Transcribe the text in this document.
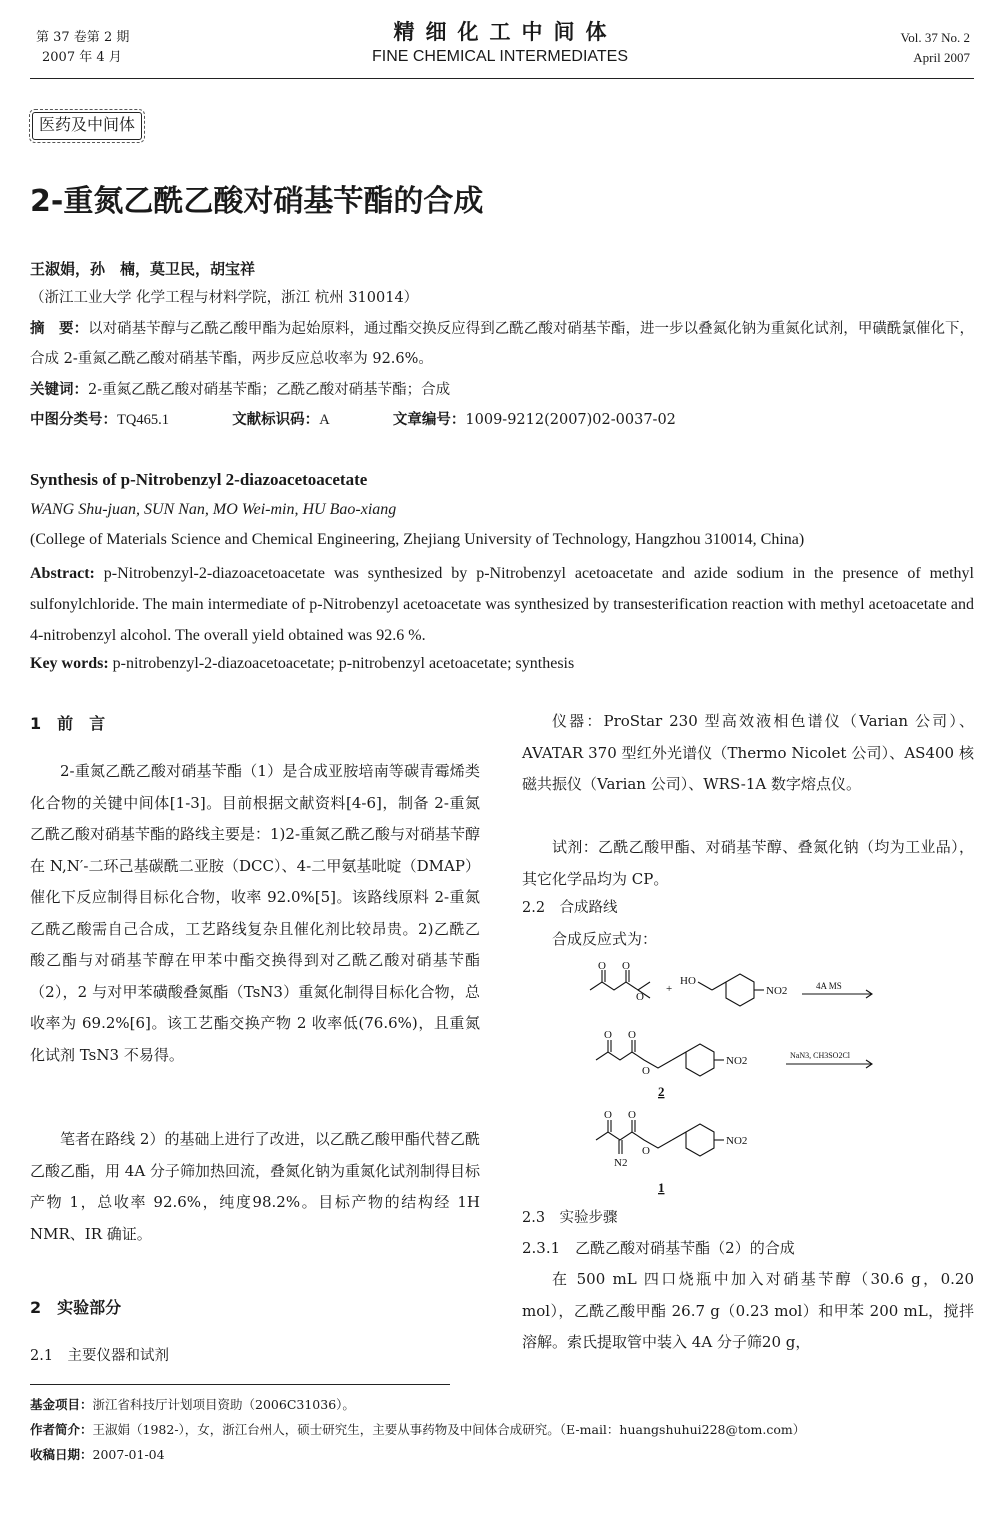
第 37 卷第 2 期
2007 年 4 月
精细化工中间体
FINE CHEMICAL INTERMEDIATES
Vol. 37 No. 2
April 2007
医药及中间体
2-重氮乙酰乙酸对硝基苄酯的合成
王淑娟，孙　楠，莫卫民，胡宝祥
（浙江工业大学 化学工程与材料学院，浙江 杭州 310014）
摘　要：以对硝基苄醇与乙酰乙酸甲酯为起始原料，通过酯交换反应得到乙酰乙酸对硝基苄酯，进一步以叠氮化钠为重氮化试剂，甲磺酰氯催化下，合成 2-重氮乙酰乙酸对硝基苄酯，两步反应总收率为 92.6%。
关键词：2-重氮乙酰乙酸对硝基苄酯；乙酰乙酸对硝基苄酯；合成
中图分类号：TQ465.1	文献标识码：A	文章编号：1009-9212(2007)02-0037-02
Synthesis of p-Nitrobenzyl 2-diazoacetoacetate
WANG Shu-juan, SUN Nan, MO Wei-min, HU Bao-xiang
(College of Materials Science and Chemical Engineering, Zhejiang University of Technology, Hangzhou 310014, China)
Abstract: p-Nitrobenzyl-2-diazoacetoacetate was synthesized by p-Nitrobenzyl acetoacetate and azide sodium in the presence of methyl sulfonylchloride. The main intermediate of p-Nitrobenzyl acetoacetate was synthesized by transesterification reaction with methyl acetoacetate and 4-nitrobenzyl alcohol. The overall yield obtained was 92.6 %.
Key words: p-nitrobenzyl-2-diazoacetoacetate; p-nitrobenzyl acetoacetate; synthesis
1　前　言
2-重氮乙酰乙酸对硝基苄酯（1）是合成亚胺培南等碳青霉烯类化合物的关键中间体[1-3]。目前根据文献资料[4-6]，制备 2-重氮乙酰乙酸对硝基苄酯的路线主要是：1)2-重氮乙酰乙酸与对硝基苄醇在 N,N′-二环己基碳酰二亚胺（DCC）、4-二甲氨基吡啶（DMAP）催化下反应制得目标化合物，收率 92.0%[5]。该路线原料 2-重氮乙酰乙酸需自己合成，工艺路线复杂且催化剂比较昂贵。2)乙酰乙酸乙酯与对硝基苄醇在甲苯中酯交换得到对乙酰乙酸对硝基苄酯（2），2 与对甲苯磺酸叠氮酯（TsN3）重氮化制得目标化合物，总收率为 69.2%[6]。该工艺酯交换产物 2 收率低(76.6%)，且重氮化试剂 TsN3 不易得。
笔者在路线 2）的基础上进行了改进，以乙酰乙酸甲酯代替乙酰乙酸乙酯，用 4A 分子筛加热回流，叠氮化钠为重氮化试剂制得目标产物 1，总收率 92.6%，纯度98.2%。目标产物的结构经 1H NMR、IR 确证。
2　实验部分
2.1　主要仪器和试剂
仪器：ProStar 230 型高效液相色谱仪（Varian 公司）、AVATAR 370 型红外光谱仪（Thermo Nicolet 公司）、AS400 核磁共振仪（Varian 公司）、WRS-1A 数字熔点仪。
试剂：乙酰乙酸甲酯、对硝基苄醇、叠氮化钠（均为工业品），其它化学品均为 CP。
2.2　合成路线
合成反应式为：
O O
O
+
HO
NO2	4A MS
O O
O
NO2
2
NaN3, CH3SO2Cl
O O
O
N2
NO2
1
2.3　实验步骤
2.3.1　乙酰乙酸对硝基苄酯（2）的合成
在 500 mL 四口烧瓶中加入对硝基苄醇（30.6 g，0.20 mol），乙酰乙酸甲酯 26.7 g（0.23 mol）和甲苯 200 mL，搅拌溶解。索氏提取管中装入 4A 分子筛20 g，
基金项目：浙江省科技厅计划项目资助（2006C31036）。
作者简介：王淑娟（1982-），女，浙江台州人，硕士研究生，主要从事药物及中间体合成研究。（E-mail：huangshuhui228@tom.com）
收稿日期：2007-01-04
